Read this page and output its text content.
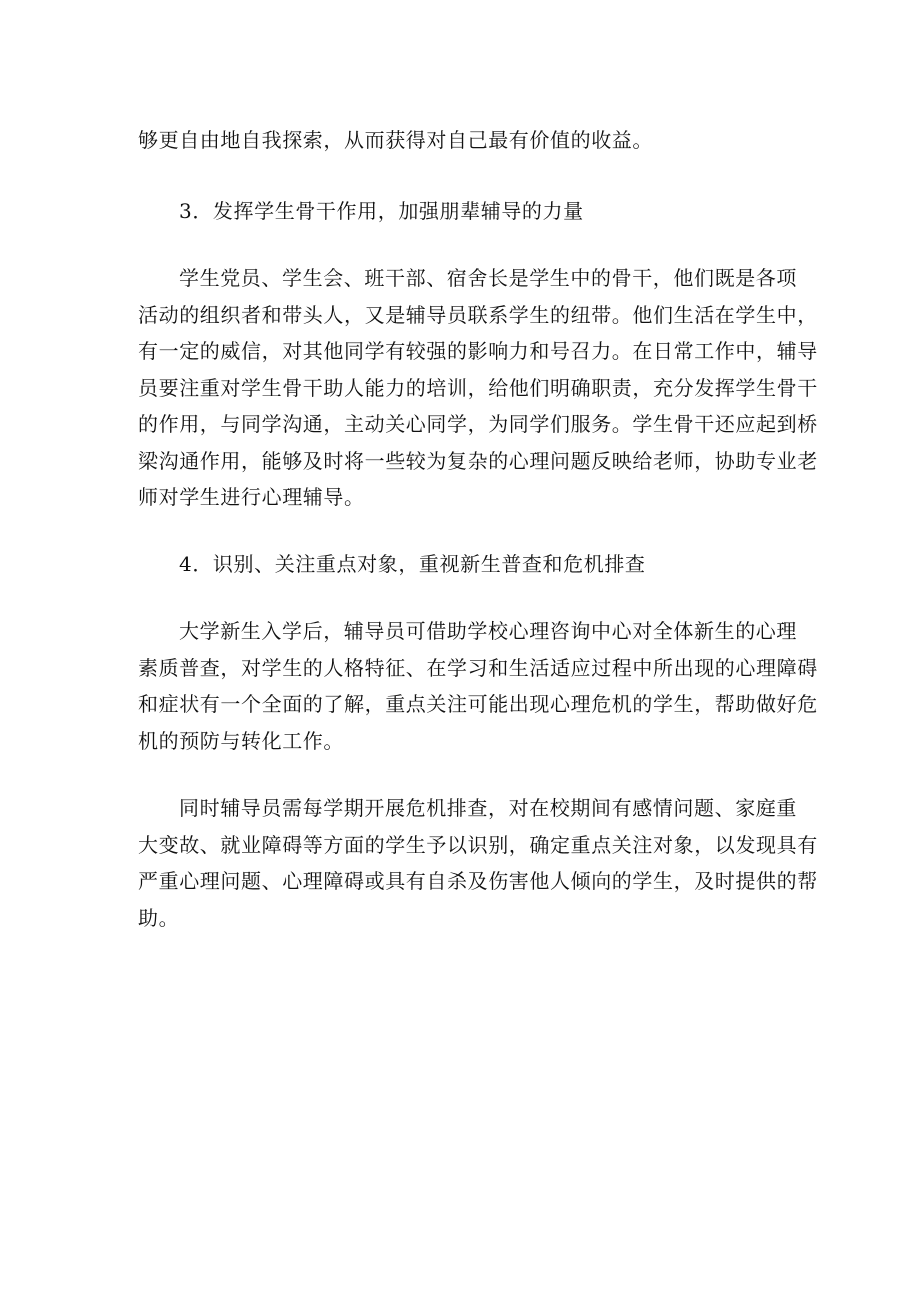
够更自由地自我探索，从而获得对自己最有价值的收益。

3．发挥学生骨干作用，加强朋辈辅导的力量

学生党员、学生会、班干部、宿舍长是学生中的骨干，他们既是各项
活动的组织者和带头人，又是辅导员联系学生的纽带。他们生活在学生中，
有一定的威信，对其他同学有较强的影响力和号召力。在日常工作中，辅导
员要注重对学生骨干助人能力的培训，给他们明确职责，充分发挥学生骨干
的作用，与同学沟通，主动关心同学，为同学们服务。学生骨干还应起到桥
梁沟通作用，能够及时将一些较为复杂的心理问题反映给老师，协助专业老
师对学生进行心理辅导。

4．识别、关注重点对象，重视新生普查和危机排查

大学新生入学后，辅导员可借助学校心理咨询中心对全体新生的心理
素质普查，对学生的人格特征、在学习和生活适应过程中所出现的心理障碍
和症状有一个全面的了解，重点关注可能出现心理危机的学生，帮助做好危
机的预防与转化工作。

同时辅导员需每学期开展危机排查，对在校期间有感情问题、家庭重
大变故、就业障碍等方面的学生予以识别，确定重点关注对象，以发现具有
严重心理问题、心理障碍或具有自杀及伤害他人倾向的学生，及时提供的帮
助。
